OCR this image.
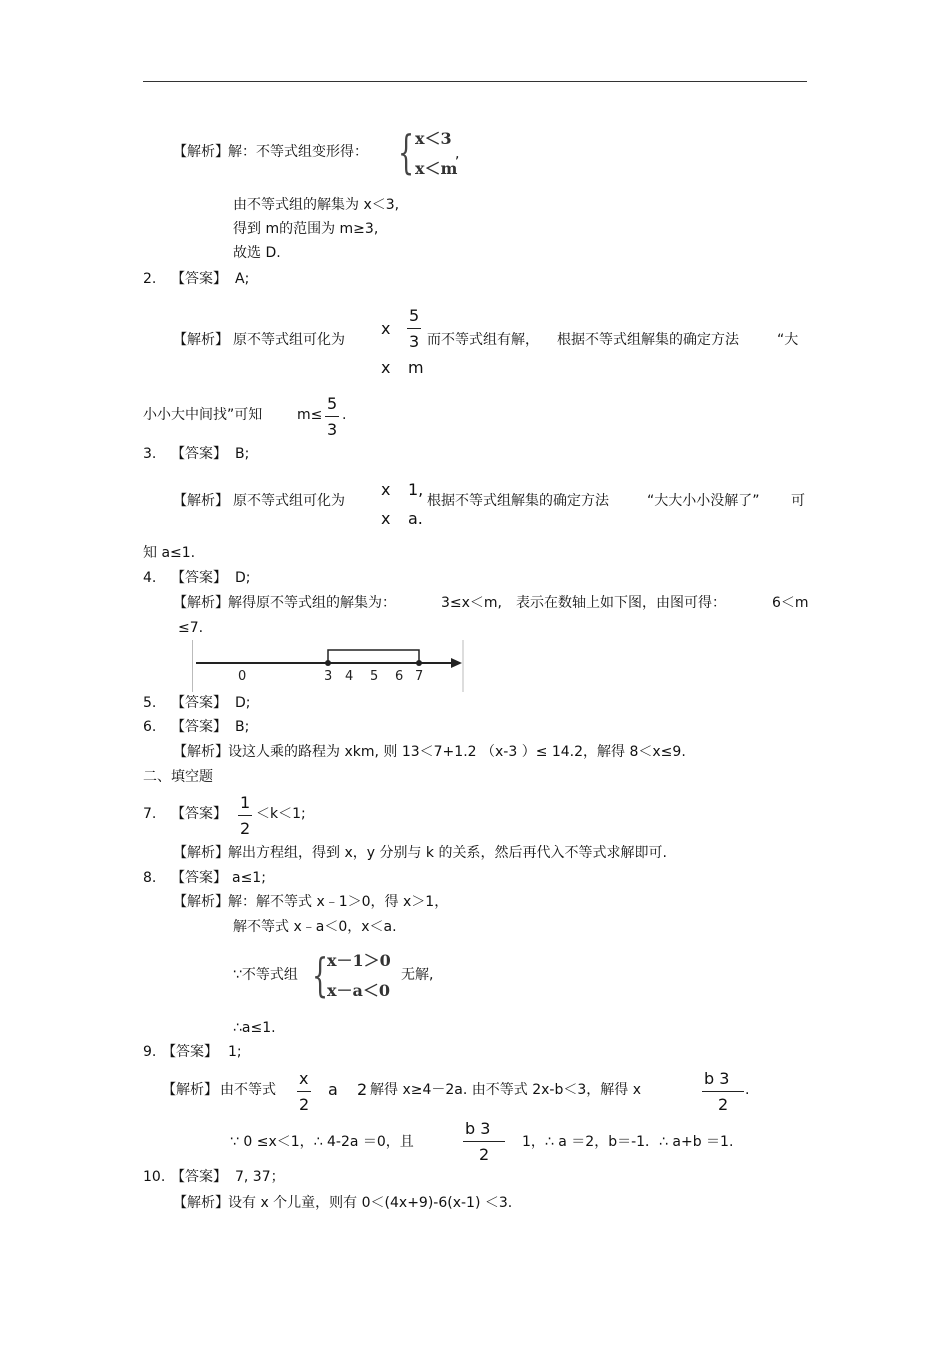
【解析】 解：不等式组变形得： { x＜3
x＜m
,
由不等式组的解集为 x＜3,
得到 m的范围为 m≥3,
故选 D.
2. 【答案】 A;
【解析】 原不等式组可化为
x
5
3
x m
而不等式组有解， 根据不等式组解集的确定方法	“大
小小大中间找”可知 m≤
5
3
.
3. 【答案】 B;
【解析】 原不等式组可化为
x 1,
x a.
根据不等式组解集的确定方法	“大大小小没解了” 可
知 a≤1.
4. 【答案】 D;
【解析】 解得原不等式组的解集为：	3≤x＜m, 表示在数轴上如下图，由图可得：	6＜m
≤7.
0	3 4 5 6 7
5. 【答案】 D;
6. 【答案】 B;
【解析】 设这人乘的路程为 xkm, 则 13＜7+1.2 （x-3 ）≤ 14.2，解得 8＜x≤9.
二、填空题
7. 【答案】
1
2
＜k＜1;
【解析】 解出方程组，得到 x，y 分别与 k 的关系，然后再代入不等式求解即可.
8. 【答案】 a≤1;
【解析】 解：解不等式 x﹣1＞0，得 x＞1，
解不等式 x﹣a＜0，x＜a.
∵不等式组 {
x－1＞0
x－a＜0
无解,
∴a≤1.
9. 【答案】 1;
【解析】 由不等式
x
2
a 2 解得 x≥4－2a. 由不等式 2x-b＜3，解得 x
b 3
2
.
∵ 0 ≤x＜1，∴ 4-2a ＝0，且
b 3
2
1，∴ a ＝2，b＝-1．∴ a+b ＝1.
10. 【答案】 7, 37；
【解析】 设有 x 个儿童，则有 0＜(4x+9)-6(x-1) ＜3.
